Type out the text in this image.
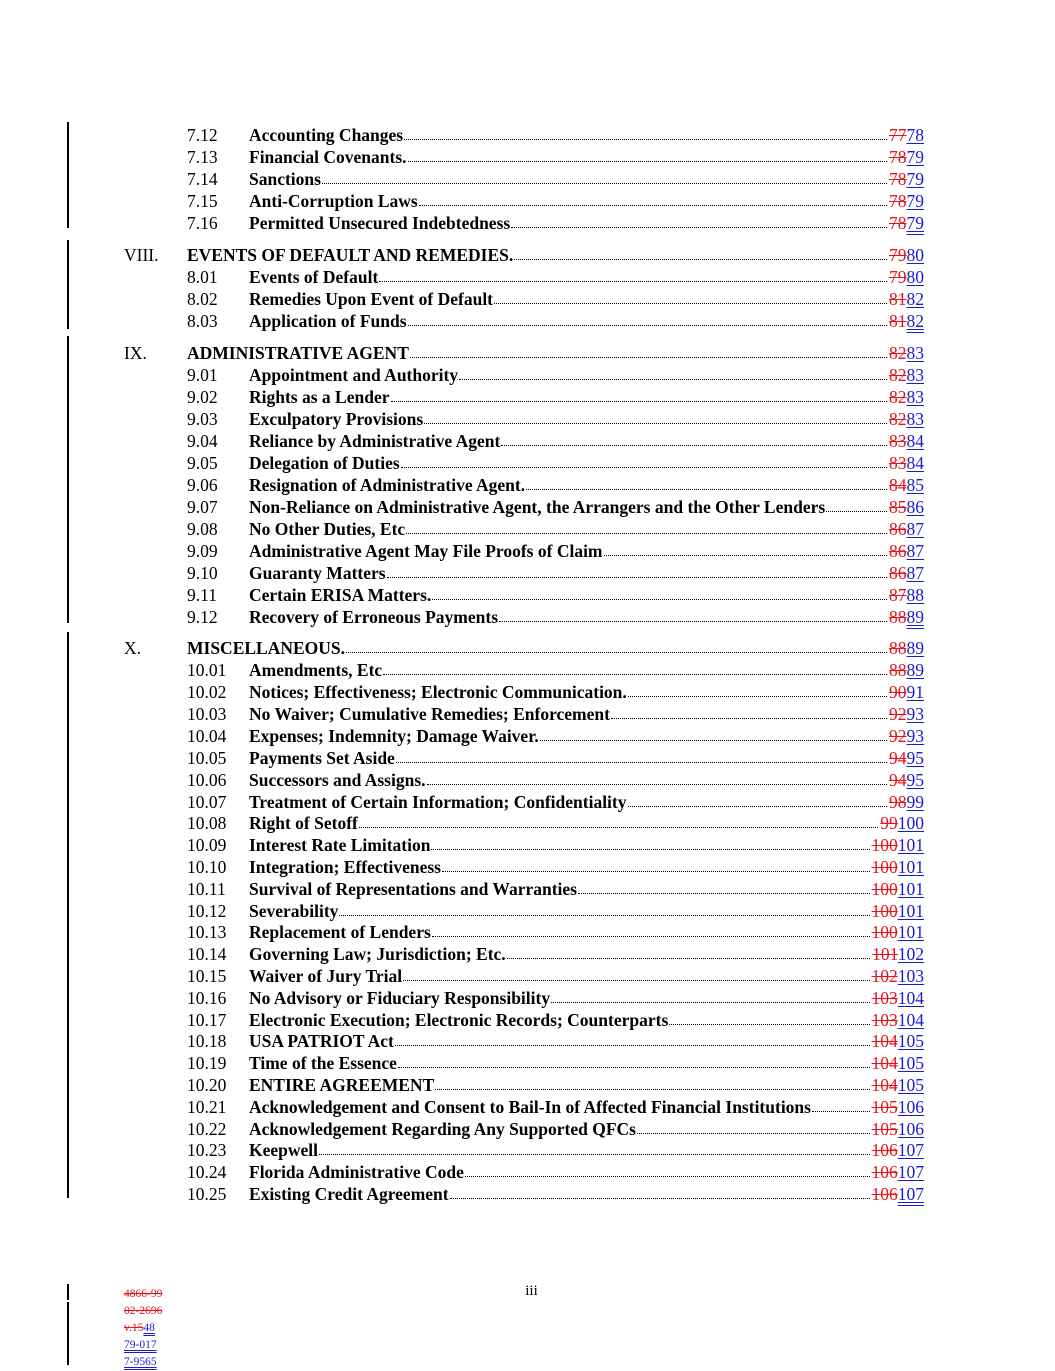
7.12 Accounting Changes	7778
7.13 Financial Covenants.	7879
7.14 Sanctions	7879
7.15 Anti-Corruption Laws	7879
7.16 Permitted Unsecured Indebtedness	7879
VIII. EVENTS OF DEFAULT AND REMEDIES.	7980
8.01 Events of Default	7980
8.02 Remedies Upon Event of Default	8182
8.03 Application of Funds	8182
IX. ADMINISTRATIVE AGENT	8283
9.01 Appointment and Authority	8283
9.02 Rights as a Lender	8283
9.03 Exculpatory Provisions	8283
9.04 Reliance by Administrative Agent	8384
9.05 Delegation of Duties	8384
9.06 Resignation of Administrative Agent.	8485
9.07 Non-Reliance on Administrative Agent, the Arrangers and the Other Lenders	8586
9.08 No Other Duties, Etc	8687
9.09 Administrative Agent May File Proofs of Claim	8687
9.10 Guaranty Matters	8687
9.11 Certain ERISA Matters.	8788
9.12 Recovery of Erroneous Payments	8889
X.	MISCELLANEOUS.	8889
10.01 Amendments, Etc	8889
10.02 Notices; Effectiveness; Electronic Communication.	9091
10.03 No Waiver; Cumulative Remedies; Enforcement	9293
10.04 Expenses; Indemnity; Damage Waiver.	9293
10.05 Payments Set Aside	9495
10.06 Successors and Assigns.	9495
10.07 Treatment of Certain Information; Confidentiality	9899
10.08 Right of Setoff	99100
10.09 Interest Rate Limitation	100101
10.10 Integration; Effectiveness	100101
10.11 Survival of Representations and Warranties	100101
10.12 Severability	100101
10.13 Replacement of Lenders	100101
10.14 Governing Law; Jurisdiction; Etc.	101102
10.15 Waiver of Jury Trial	102103
10.16 No Advisory or Fiduciary Responsibility	103104
10.17 Electronic Execution; Electronic Records; Counterparts	103104
10.18 USA PATRIOT Act	104105
10.19 Time of the Essence	104105
10.20 ENTIRE AGREEMENT	104105
10.21 Acknowledgement and Consent to Bail-In of Affected Financial Institutions	105106
10.22 Acknowledgement Regarding Any Supported QFCs	105106
10.23 Keepwell	106107
10.24 Florida Administrative Code	106107
10.25 Existing Credit Agreement	106107
iii
4866-99
02-2696
v.1548
79-017
7-9565
